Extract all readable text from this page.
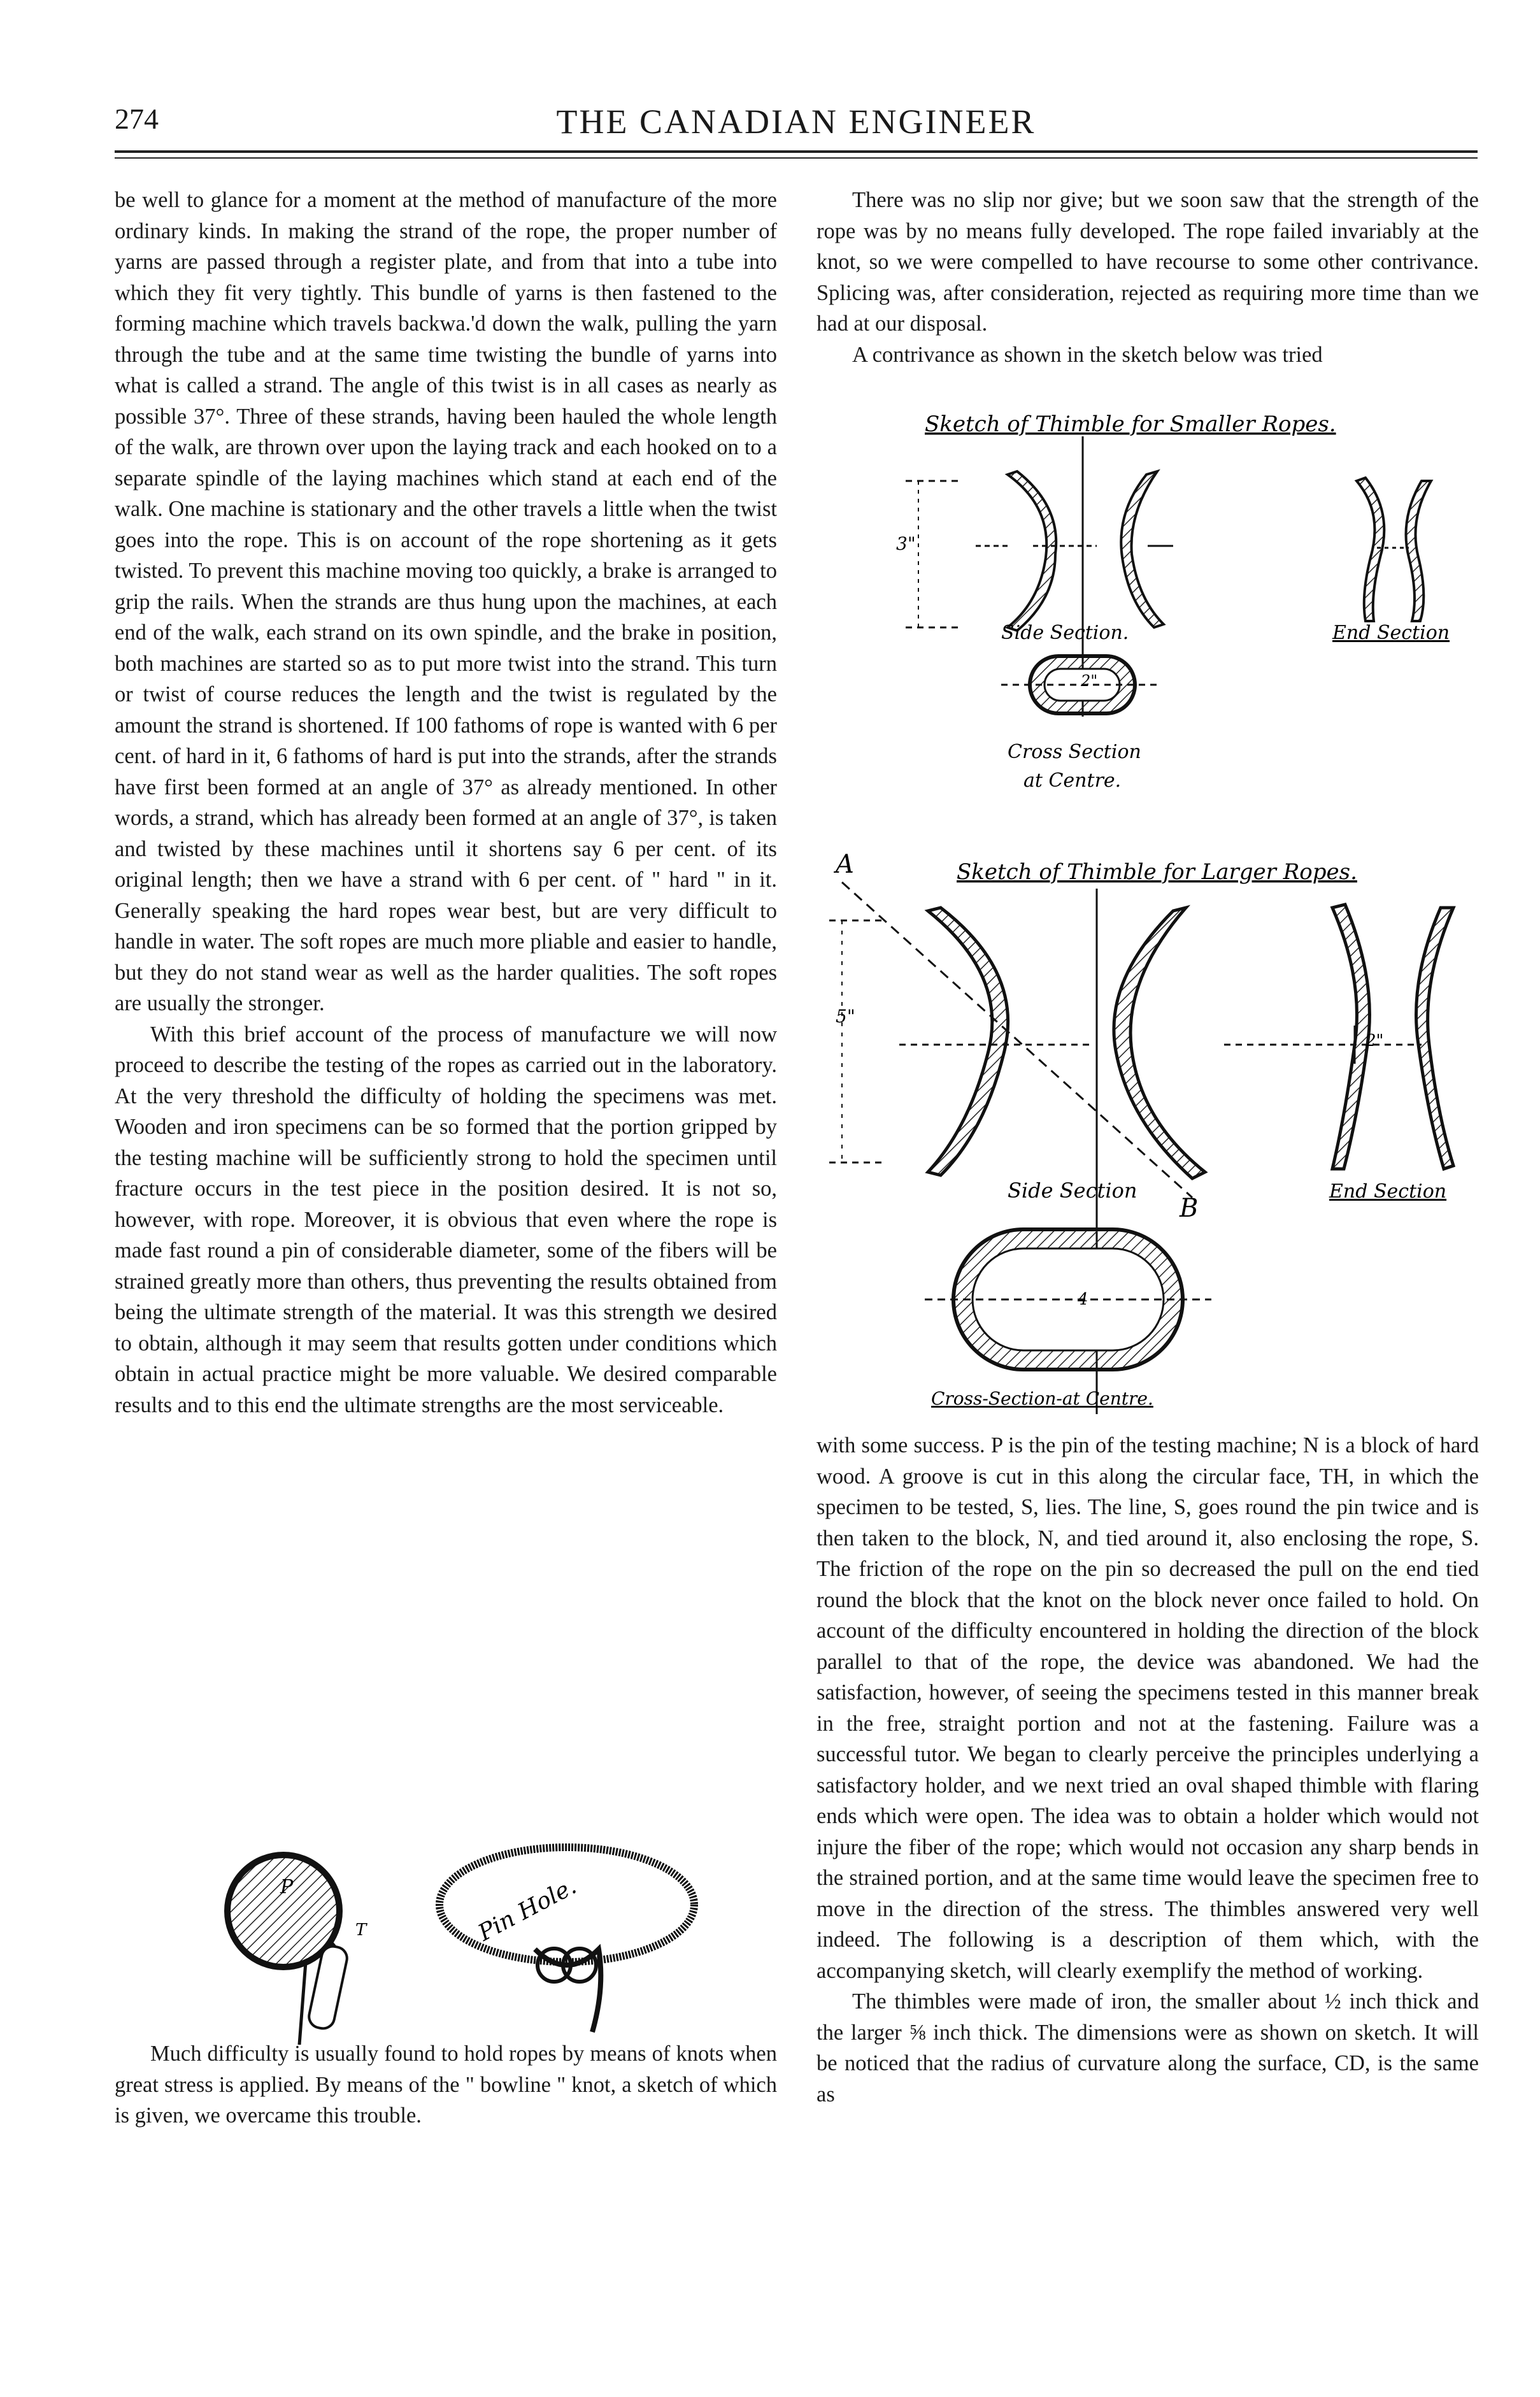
274	THE CANADIAN ENGINEER

be well to glance for a moment at the method of manufacture of the more ordinary kinds. In making the strand of the rope, the proper number of yarns are passed through a register plate, and from that into a tube into which they fit very tightly. This bundle of yarns is then fastened to the forming machine which travels backwa.'d down the walk, pulling the yarn through the tube and at the same time twisting the bundle of yarns into what is called a strand. The angle of this twist is in all cases as nearly as possible 37°. Three of these strands, having been hauled the whole length of the walk, are thrown over upon the laying track and each hooked on to a separate spindle of the laying machines which stand at each end of the walk. One machine is stationary and the other travels a little when the twist goes into the rope. This is on account of the rope shortening as it gets twisted. To prevent this machine moving too quickly, a brake is arranged to grip the rails. When the strands are thus hung upon the machines, at each end of the walk, each strand on its own spindle, and the brake in position, both machines are started so as to put more twist into the strand. This turn or twist of course reduces the length and the twist is regulated by the amount the strand is shortened. If 100 fathoms of rope is wanted with 6 per cent. of hard in it, 6 fathoms of hard is put into the strands, after the strands have first been formed at an angle of 37° as already mentioned. In other words, a strand, which has already been formed at an angle of 37°, is taken and twisted by these machines until it shortens say 6 per cent. of its original length; then we have a strand with 6 per cent. of " hard " in it. Generally speaking the hard ropes wear best, but are very difficult to handle in water. The soft ropes are much more pliable and easier to handle, but they do not stand wear as well as the harder qualities. The soft ropes are usually the stronger.

With this brief account of the process of manufacture we will now proceed to describe the testing of the ropes as carried out in the laboratory. At the very threshold the difficulty of holding the specimens was met. Wooden and iron specimens can be so formed that the portion gripped by the testing machine will be sufficiently strong to hold the specimen until fracture occurs in the test piece in the position desired. It is not so, however, with rope. Moreover, it is obvious that even where the rope is made fast round a pin of considerable diameter, some of the fibers will be strained greatly more than others, thus preventing the results obtained from being the ultimate strength of the material. It was this strength we desired to obtain, although it may seem that results gotten under conditions which obtain in actual practice might be more valuable. We desired comparable results and to this end the ultimate strengths are the most serviceable.

P
T	Pin Hole.

Much difficulty is usually found to hold ropes by means of knots when great stress is applied. By means of the " bowline " knot, a sketch of which is given, we overcame this trouble.

There was no slip nor give; but we soon saw that the strength of the rope was by no means fully developed. The rope failed invariably at the knot, so we were compelled to have recourse to some other contrivance. Splicing was, after consideration, rejected as requiring more time than we had at our disposal.

A contrivance as shown in the sketch below was tried

Sketch of Thimble for Smaller Ropes.
3"
Side Section.	End Section
2"
Cross Section
at Centre.
A	Sketch of Thimble for Larger Ropes.
5"
2"
Side Section
B
End Section
4
Cross-Section-at Centre.

with some success. P is the pin of the testing machine; N is a block of hard wood. A groove is cut in this along the circular face, TH, in which the specimen to be tested, S, lies. The line, S, goes round the pin twice and is then taken to the block, N, and tied around it, also enclosing the rope, S. The friction of the rope on the pin so decreased the pull on the end tied round the block that the knot on the block never once failed to hold. On account of the difficulty encountered in holding the direction of the block parallel to that of the rope, the device was abandoned. We had the satisfaction, however, of seeing the specimens tested in this manner break in the free, straight portion and not at the fastening. Failure was a successful tutor. We began to clearly perceive the principles underlying a satisfactory holder, and we next tried an oval shaped thimble with flaring ends which were open. The idea was to obtain a holder which would not injure the fiber of the rope; which would not occasion any sharp bends in the strained portion, and at the same time would leave the specimen free to move in the direction of the stress. The thimbles answered very well indeed. The following is a description of them which, with the accompanying sketch, will clearly exemplify the method of working.

The thimbles were made of iron, the smaller about ½ inch thick and the larger ⅝ inch thick. The dimensions were as shown on sketch. It will be noticed that the radius of curvature along the surface, CD, is the same as
